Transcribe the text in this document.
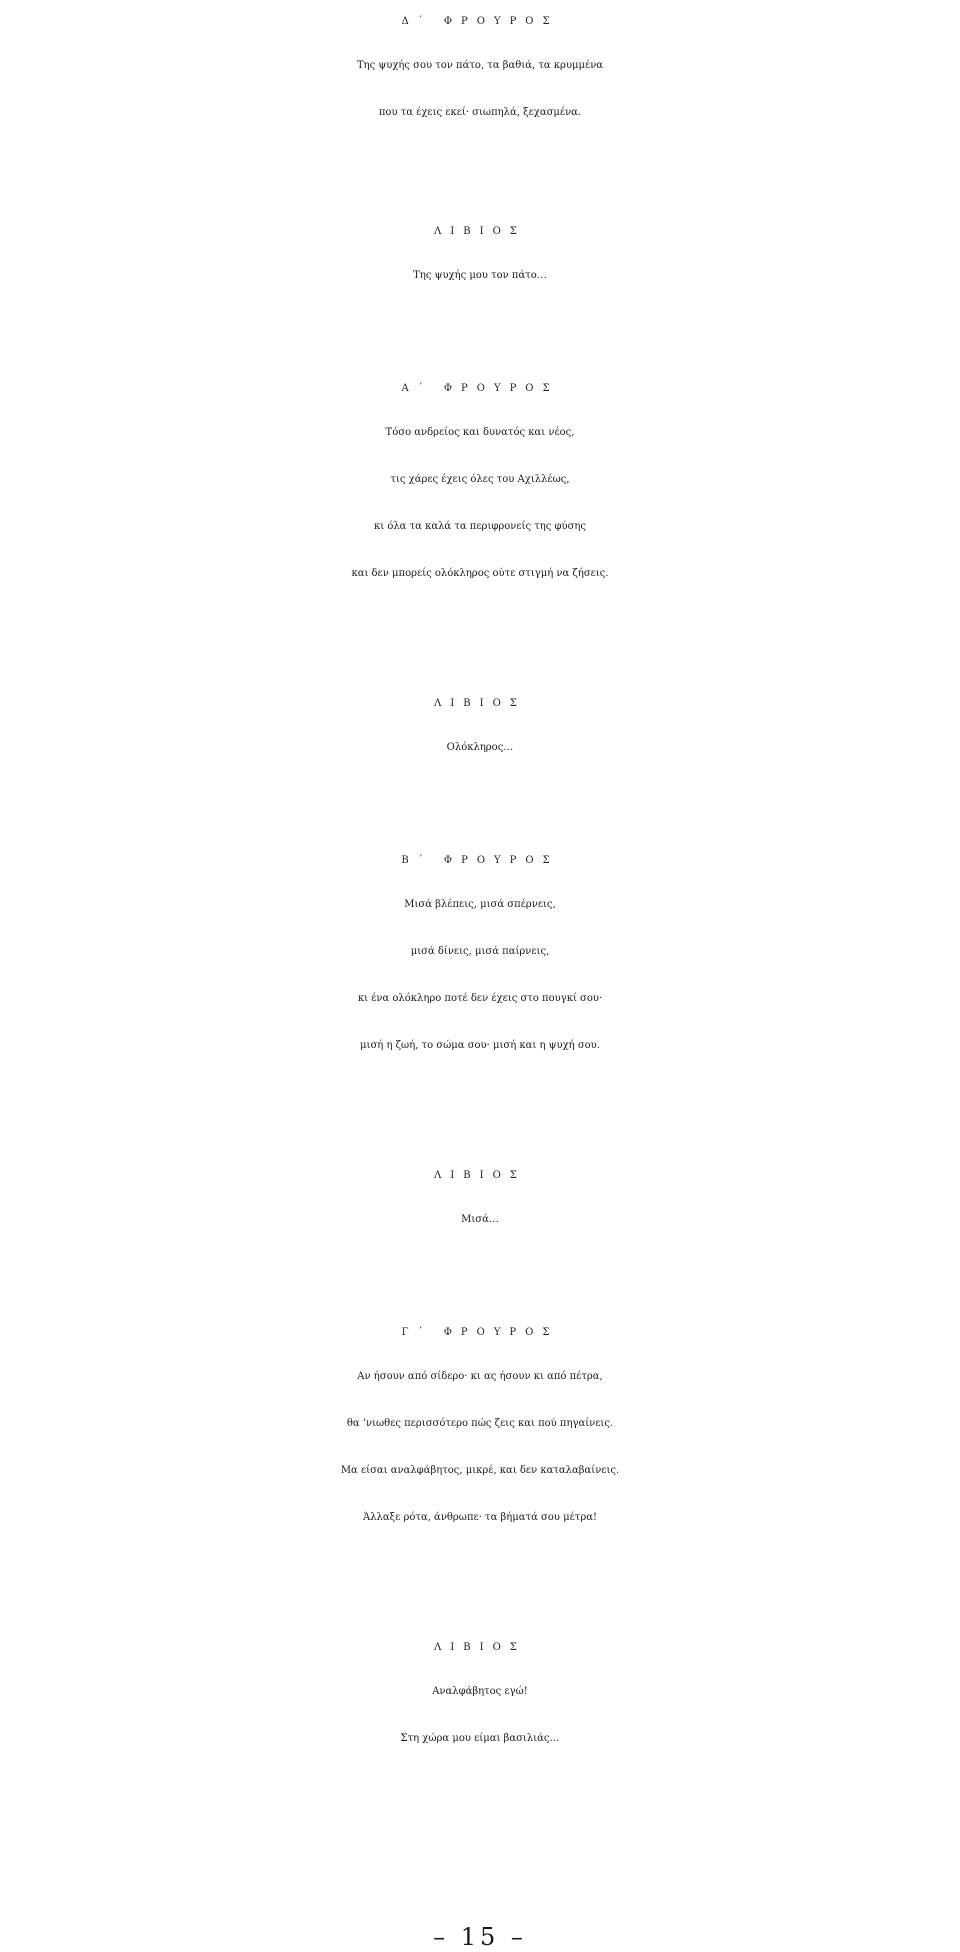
Δ΄ ΦΡΟΥΡΟΣ
Της ψυχής σου τον πάτο, τα βαθιά, τα κρυμμένα
που τα έχεις εκεί· σιωπηλά, ξεχασμένα.
ΛΙΒΙΟΣ
Της ψυχής μου τον πάτο…
Α΄ ΦΡΟΥΡΟΣ
Τόσο ανδρείος και δυνατός και νέος,
τις χάρες έχεις όλες του Αχιλλέως,
κι όλα τα καλά τα περιφρονείς της φύσης
και δεν μπορείς ολόκληρος ούτε στιγμή να ζήσεις.
ΛΙΒΙΟΣ
Ολόκληρος…
Β΄ ΦΡΟΥΡΟΣ
Μισά βλέπεις, μισά σπέρνεις,
μισά δίνεις, μισά παίρνεις,
κι ένα ολόκληρο ποτέ δεν έχεις στο πουγκί σου·
μισή η ζωή, το σώμα σου· μισή και η ψυχή σου.
ΛΙΒΙΟΣ
Μισά…
Γ΄ ΦΡΟΥΡΟΣ
Αν ήσουν από σίδερο· κι ας ήσουν κι από πέτρα,
θα ’νιωθες περισσότερο πώς ζεις και πού πηγαίνεις.
Μα είσαι αναλφάβητος, μικρέ, και δεν καταλαβαίνεις.
Άλλαξε ρότα, άνθρωπε· τα βήματά σου μέτρα!
ΛΙΒΙΟΣ
Αναλφάβητος εγώ!
Στη χώρα μου είμαι βασιλιάς…
– 15 –
